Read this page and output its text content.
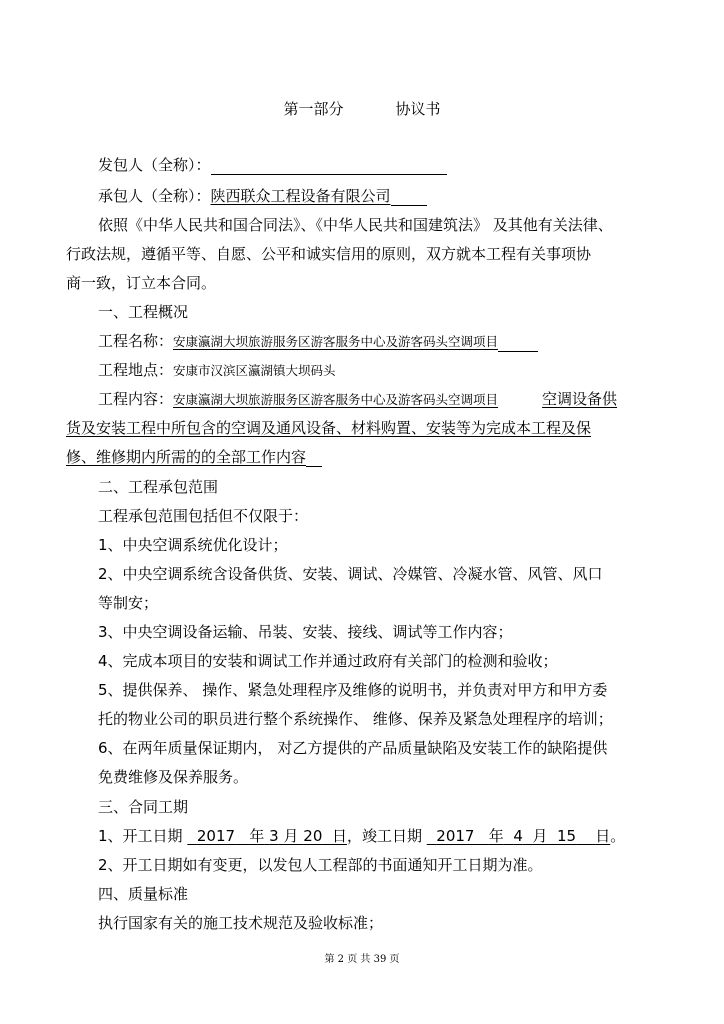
第一部分	协议书
发包人（全称）：
承包人（全称）：陕西联众工程设备有限公司
依照《中华人民共和国合同法》、《中华人民共和国建筑法》 及其他有关法律、
行政法规，遵循平等、自愿、公平和诚实信用的原则，双方就本工程有关事项协
商一致，订立本合同。
一、工程概况
工程名称：安康瀛湖大坝旅游服务区游客服务中心及游客码头空调项目
工程地点：安康市汉滨区瀛湖镇大坝码头
工程内容：安康瀛湖大坝旅游服务区游客服务中心及游客码头空调项目	空调设备供
货及安装工程中所包含的空调及通风设备、材料购置、安装等为完成本工程及保
修、维修期内所需的的全部工作内容
二、工程承包范围
工程承包范围包括但不仅限于：
1、中央空调系统优化设计；
2、中央空调系统含设备供货、安装、调试、冷媒管、冷凝水管、风管、风口
等制安；
3、中央空调设备运输、吊装、安装、接线、调试等工作内容；
4、完成本项目的安装和调试工作并通过政府有关部门的检测和验收；
5、提供保养、 操作、紧急处理程序及维修的说明书，并负责对甲方和甲方委
托的物业公司的职员进行整个系统操作、 维修、保养及紧急处理程序的培训；
6、在两年质量保证期内， 对乙方提供的产品质量缺陷及安装工作的缺陷提供
免费维修及保养服务。
三、合同工期
1、开工日期 2017 年 3 月 20 日，竣工日期 2017 年 4 月 15 日。
2、开工日期如有变更，以发包人工程部的书面通知开工日期为准。
四、质量标准
执行国家有关的施工技术规范及验收标准；
第 2 页 共 39 页
